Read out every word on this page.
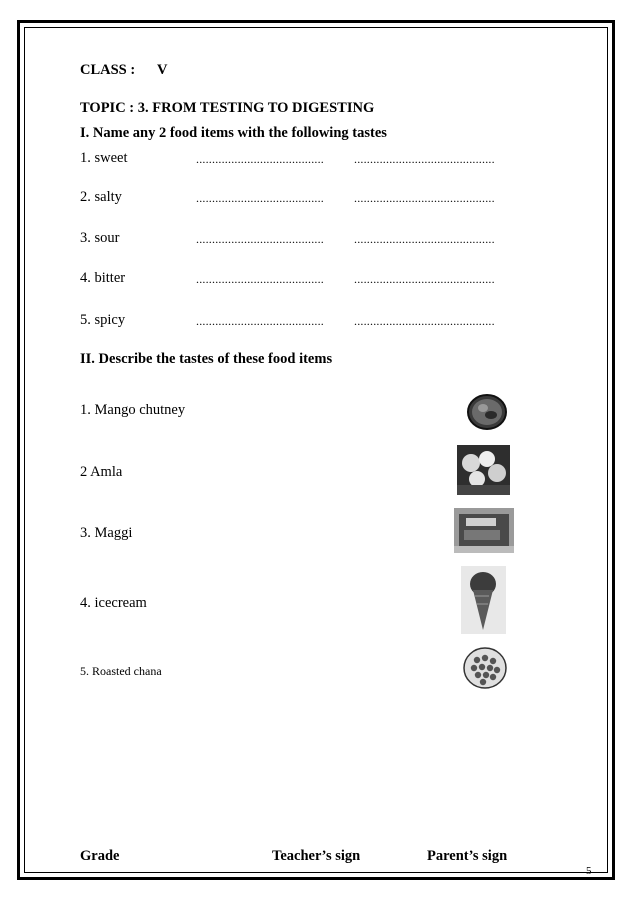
CLASS : V
TOPIC : 3. FROM TESTING TO DIGESTING
I. Name any 2 food items with the following tastes
1. sweet	........................................	............................................
2. salty	........................................	............................................
3. sour	........................................	............................................
4. bitter	........................................	............................................
5. spicy	........................................	............................................
II. Describe the tastes of these food items
1. Mango chutney
2 Amla
3. Maggi
4. icecream
5. Roasted chana
Grade	Teacher’s sign	Parent’s sign
5
